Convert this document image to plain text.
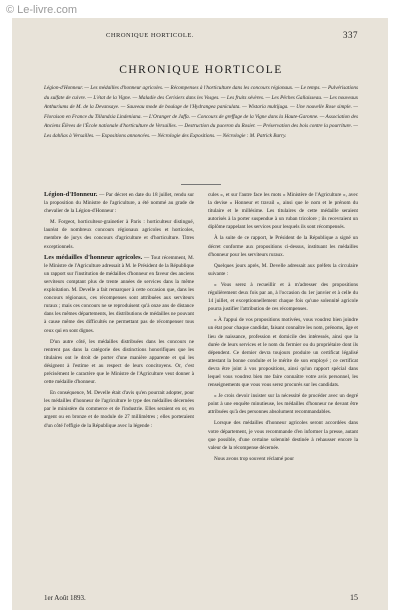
© Le-livre.com
CHRONIQUE HORTICOLE.	337
CHRONIQUE HORTICOLE
Légion-d'Honneur. — Les médailles d'honneur agricoles. — Récompenses à l'horticulture dans les concours régionaux. — Le temps. — Pulvérisations du sulfate de cuivre. — L'état de la Vigne. — Maladie des Cerisiers dans les Vosges. — Les fruits sévères. — Les Pêches Gallaisseau. — Les nouveaux Anthuriums de M. de la Devansaye. — Sauveau mode de boulage de l'Hydrangea paniculata. — Wistaria multijuga. — Une nouvelle Rose simple. — Floraison en France du Tillandsia Lindeniana. — L'Oranger de Jaffa. — Concours de greffage de la Vigne dans la Haute-Garonne. — Association des Anciens Élèves de l'École nationale d'horticulture de Versailles. — Destruction du puceron du Rosier. — Préservation des bois contre la pourriture. — Les dahlias à Versailles. — Expositions annoncées. — Nécrologie des Expositions. — Nécrologie : M. Patrick Barry.

Légion-d'Honneur. — Par décret en date du 18 juillet, rendu sur la proposition du Ministre de l'agriculture, a été nommé au grade de chevalier de la Légion-d'Honneur :

M. Forgeot, horticulteur-grainetier à Paris : horticulteur distingué, lauréat de nombreux concours régionaux agricoles et horticoles, membre de jurys des concours d'agriculture et d'horticulture. Titres exceptionnels.

Les médailles d'honneur agricoles. — Tout récemment, M. le Ministre de l'Agriculture adressait à M. le Président de la République un rapport sur l'institution de médailles d'honneur en faveur des anciens serviteurs comptant plus de trente années de services dans la même exploitation. M. Develle a fait remarquer à cette occasion que, dans les concours régionaux, ces récompenses sont attribuées aux serviteurs ruraux ; mais ces concours ne se reproduisent qu'à onze ans de distance dans les mêmes départements, les distributions de médailles ne pouvant à cause même des difficultés ne permettant pas de récompenser tous ceux qui en sont dignes.

D'un autre côté, les médailles distribuées dans les concours ne rentrent pas dans la catégorie des distinctions honorifiques que les titulaires ont le droit de porter d'une manière apparente et qui les désignent à l'estime et au respect de leurs concitoyens. Or, c'est précisément le caractère que le Ministre de l'Agriculture veut donner à cette médaille d'honneur.

En conséquence, M. Develle était d'avis qu'en pourrait adopter, pour les médailles d'honneur de l'agriculture le type des médailles décernées par le ministère du commerce et de l'industrie. Elles seraient en or, en argent ou en bronze et de module de 27 millimètres ; elles porteraient d'un côté l'effigie de la République avec la légende :

cules », et sur l'autre face les mots « Ministère de l'Agriculture », avec la devise « Honneur et travail », ainsi que le nom et le prénom du titulaire et le millésime. Les titulaires de cette médaille seraient autorisés à la porter suspendue à un ruban tricolore ; ils recevraient un diplôme rappelant les services pour lesquels ils sont récompensés.

À la suite de ce rapport, le Président de la République a signé un décret conforme aux propositions ci-dessus, instituant les médailles d'honneur pour les serviteurs ruraux.

Quelques jours après, M. Develle adressait aux préfets la circulaire suivante :

« Vous serez à recueillir et à m'adresser des propositions régulièrement deux fois par an, à l'occasion du 1er janvier et à celle du 14 juillet, et exceptionnellement chaque fois qu'une solennité agricole pourra justifier l'attribution de ces récompenses.

« À l'appui de vos propositions motivées, vous voudrez bien joindre un état pour chaque candidat, faisant connaître les nom, prénoms, âge et lieu de naissance, profession et domicile des intéressés, ainsi que la durée de leurs services et le nom du fermier ou du propriétaire dont ils dépendent. Ce dernier devra toujours produire un certificat légalisé attestant la bonne conduite et le mérite de son employé ; ce certificat devra être joint à vos propositions, ainsi qu'un rapport spécial dans lequel vous voudrez bien me faire connaître votre avis personnel, les renseignements que vous vous serez procurés sur les candidats.

« Je crois devoir insister sur la nécessité de procéder avec un degré point à une enquête minutieuse, les médailles d'honneur ne devant être attribuées qu'à des personnes absolument recommandables.

Lorsque des médailles d'honneur agricoles seront accordées dans votre département, je vous recommande d'en informer la presse, autant que possible, d'une certaine solennité destinée à rehausser encore la valeur de la récompense décernée.

Nous avons trop souvent réclamé pour

1er Août 1893.	15
